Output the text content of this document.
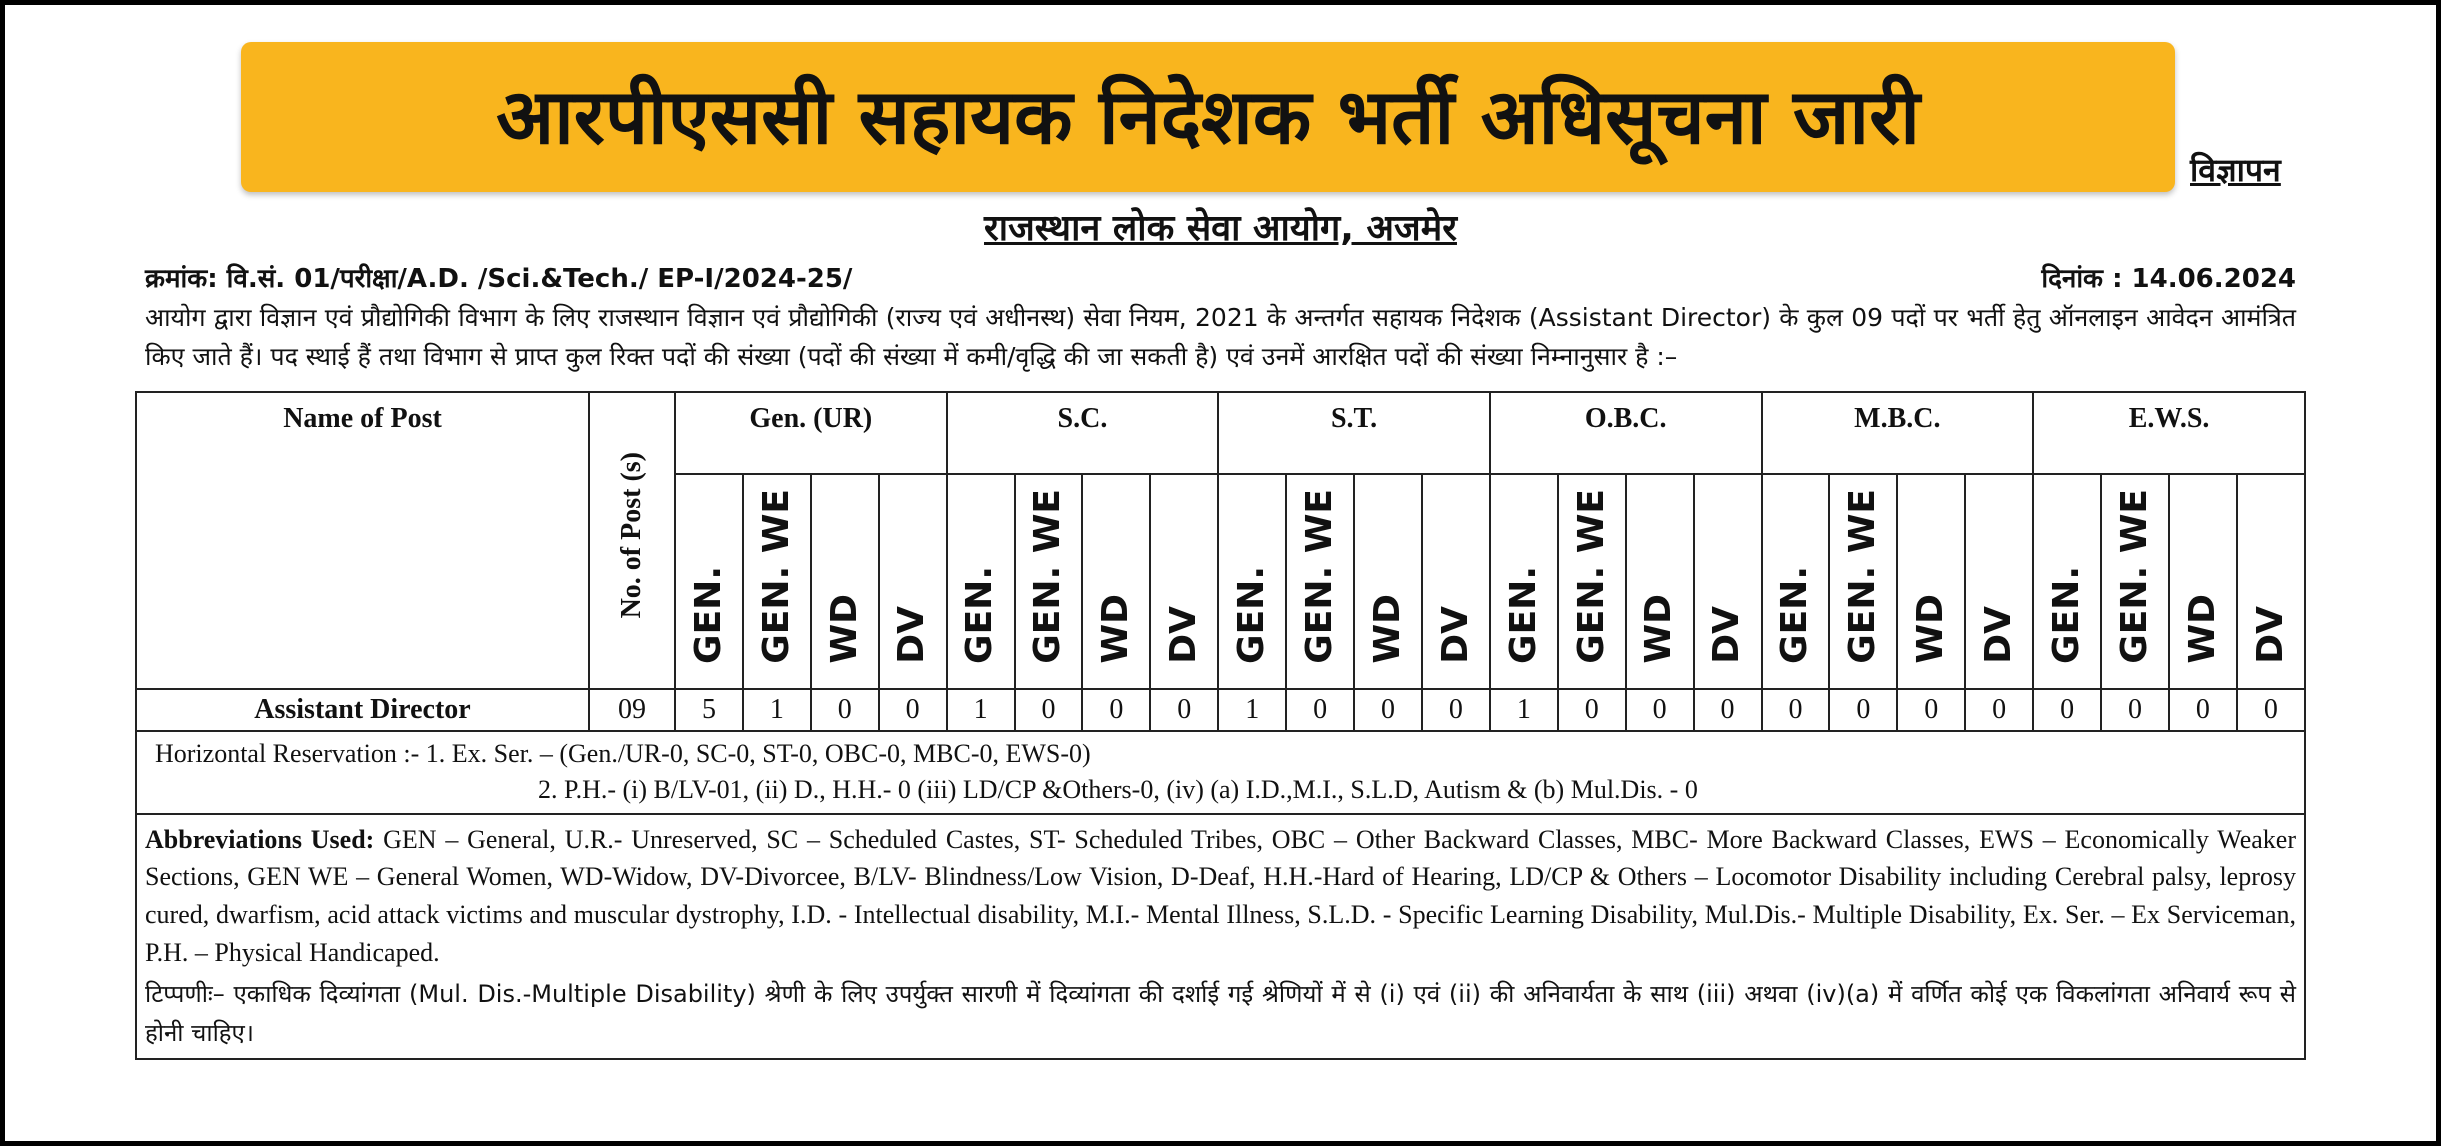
आरपीएससी सहायक निदेशक भर्ती अधिसूचना जारी
विज्ञापन
राजस्थान लोक सेवा आयोग, अजमेर
क्रमांक: वि.सं. 01/परीक्षा/A.D. /Sci.&Tech./ EP-I/2024-25/	दिनांक : 14.06.2024
आयोग द्वारा विज्ञान एवं प्रौद्योगिकी विभाग के लिए राजस्थान विज्ञान एवं प्रौद्योगिकी (राज्य एवं अधीनस्थ) सेवा नियम, 2021 के अन्तर्गत सहायक निदेशक (Assistant Director) के कुल 09 पदों पर भर्ती हेतु ऑनलाइन आवेदन आमंत्रित किए जाते हैं। पद स्थाई हैं तथा विभाग से प्राप्त कुल रिक्त पदों की संख्या (पदों की संख्या में कमी/वृद्धि की जा सकती है) एवं उनमें आरक्षित पदों की संख्या निम्नानुसार है :–
Name of Post	No. of Post (s)	Gen. (UR)				S.C.				S.T.				O.B.C.				M.B.C.				E.W.S.			
		GEN.	GEN. WE	WD	DV	GEN.	GEN. WE	WD	DV	GEN.	GEN. WE	WD	DV	GEN.	GEN. WE	WD	DV	GEN.	GEN. WE	WD	DV	GEN.	GEN. WE	WD	DV
Assistant Director	09	5	1	0	0	1	0	0	0	1	0	0	0	1	0	0	0	0	0	0	0	0	0	0	0

Horizontal Reservation :- 1. Ex. Ser. – (Gen./UR-0, SC-0, ST-0, OBC-0, MBC-0, EWS-0)
2. P.H.- (i) B/LV-01, (ii) D., H.H.- 0 (iii) LD/CP &Others-0, (iv) (a) I.D.,M.I., S.L.D, Autism & (b) Mul.Dis. - 0																									

Abbreviations Used: GEN – General, U.R.- Unreserved, SC – Scheduled Castes, ST- Scheduled Tribes, OBC – Other Backward Classes, MBC- More Backward Classes, EWS – Economically Weaker Sections, GEN WE – General Women, WD-Widow, DV-Divorcee, B/LV- Blindness/Low Vision, D-Deaf, H.H.-Hard of Hearing, LD/CP & Others – Locomotor Disability including Cerebral palsy, leprosy cured, dwarfism, acid attack victims and muscular dystrophy, I.D. - Intellectual disability, M.I.- Mental Illness, S.L.D. - Specific Learning Disability, Mul.Dis.- Multiple Disability, Ex. Ser. – Ex Serviceman, P.H. – Physical Handicaped.
टिप्पणीः– एकाधिक दिव्यांगता (Mul. Dis.-Multiple Disability) श्रेणी के लिए उपर्युक्त सारणी में दिव्यांगता की दर्शाई गई श्रेणियों में से (i) एवं (ii) की अनिवार्यता के साथ (iii) अथवा (iv)(a) में वर्णित कोई एक विकलांगता अनिवार्य रूप से होनी चाहिए।																									
